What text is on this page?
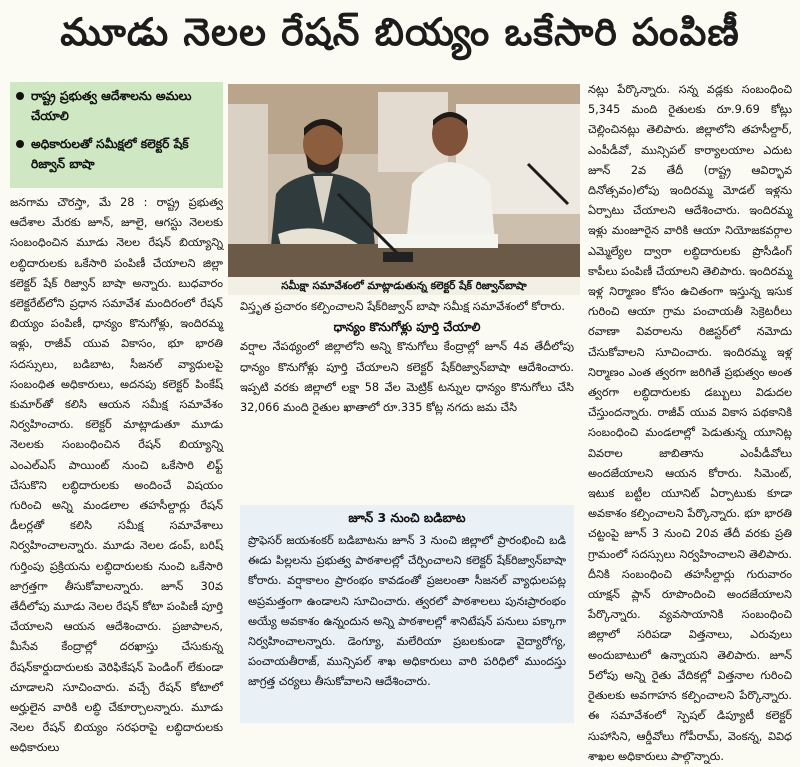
మూడు నెలల రేషన్ బియ్యం ఒకేసారి పంపిణీ
రాష్ట్ర ప్రభుత్వ ఆదేశాలను అమలు చేయాలి
అధికారులతో సమీక్షలో కలెక్టర్ షేక్ రిజ్వాన్ బాషా
సమీక్షా సమావేశంలో మాట్లాడుతున్న కలెక్టర్ షేక్ రిజ్వాన్‌బాషా

జనగామ చౌరస్తా, మే 28 : రాష్ట్ర ప్రభుత్వ ఆదేశాల మేరకు జూన్, జూలై, ఆగస్టు నెలలకు సంబంధించిన మూడు నెలల రేషన్ బియ్యాన్ని లబ్ధిదారులకు ఒకేసారి పంపిణీ చేయాలని జిల్లా కలెక్టర్ షేక్ రిజ్వాన్ బాషా అన్నారు. బుధవారం కలెక్టరేట్‌లోని ప్రధాన సమావేశ మందిరంలో రేషన్ బియ్యం పంపిణీ, ధాన్యం కొనుగోళ్లు, ఇందిరమ్మ ఇళ్లు, రాజీవ్ యువ వికాసం, భూ భారతి సదస్సులు, బడిబాట, సీజనల్ వ్యాధులపై సంబంధిత అధికారులు, అదనపు కలెక్టర్ పింకేష్ కుమార్‌తో కలిసి ఆయన సమీక్ష సమావేశం నిర్వహించారు. కలెక్టర్ మాట్లాడుతూ మూడు నెలలకు సంబంధించిన రేషన్ బియ్యాన్ని ఎంఎల్ఎస్ పాయింట్ నుంచి ఒకేసారి లిఫ్ట్ చేసుకొని లబ్ధిదారులకు అందించే విషయం గురించి అన్ని మండలాల తహసీల్దార్లు రేషన్ డీలర్లతో కలిసి సమీక్ష సమావేశాలు నిర్వహించాలన్నారు. మూడు నెలల డంప్, బరిష్ గుర్తింపు ప్రక్రియను లబ్ధిదారులకు నుంచి ఒకేసారి జాగ్రత్తగా తీసుకోవాలన్నారు. జూన్ 30వ తేదీలోపు మూడు నెలల రేషన్ కోటా పంపిణీ పూర్తి చేయాలని ఆయన ఆదేశించారు. ప్రజాపాలన, మీసేవ కేంద్రాల్లో దరఖాస్తు చేసుకున్న రేషన్‌కార్డుదారులకు వెరిఫికేషన్ పెండింగ్ లేకుండా చూడాలని సూచించారు. వచ్చే రేషన్ కోటాలో అర్హులైన వారికి లబ్ధి చేకూర్చాలన్నారు. మూడు నెలల రేషన్ బియ్యం సరఫరాపై లబ్ధిదారులకు అధికారులు

విస్తృత ప్రచారం కల్పించాలని షేక్‌రిజ్వాన్ బాషా సమీక్ష సమావేశంలో కోరారు.

ధాన్యం కొనుగోళ్లు పూర్తి చేయాలి

వర్షాల నేపథ్యంలో జిల్లాలోని అన్ని కొనుగోలు కేంద్రాల్లో జూన్ 4వ తేదీలోపు ధాన్యం కొనుగోళ్లు పూర్తి చేయాలని కలెక్టర్ షేక్‌రిజ్వాన్‌బాషా ఆదేశించారు. ఇప్పటి వరకు జిల్లాలో లక్షా 58 వేల మెట్రిక్ టన్నుల ధాన్యం కొనుగోలు చేసి 32,066 మంది రైతుల ఖాతాలో రూ.335 కోట్ల నగదు జమ చేసి

జూన్ 3 నుంచి బడిబాట
ప్రొఫెసర్ జయశంకర్ బడిబాటను జూన్ 3 నుంచి జిల్లాలో ప్రారంభించి బడి ఈడు పిల్లలను ప్రభుత్వ పాఠశాలల్లో చేర్పించాలని కలెక్టర్ షేక్‌రిజ్వాన్‌బాషా కోరారు. వర్షాకాలం ప్రారంభం కావడంతో ప్రజలంతా సీజనల్ వ్యాధులపట్ల అప్రమత్తంగా ఉండాలని సూచించారు. త్వరలో పాఠశాలలు పునఃప్రారంభం అయ్యే అవకాశం ఉన్నందున అన్ని పాఠశాలల్లో శానిటేషన్ పనులు పక్కాగా నిర్వహించాలన్నారు. డెంగ్యూ, మలేరియా ప్రబలకుండా వైద్యారోగ్య, పంచాయతీరాజ్, మున్సిపల్ శాఖ అధికారులు వారి పరిధిలో ముందస్తు జాగ్రత్త చర్యలు తీసుకోవాలని ఆదేశించారు.

నట్లు పేర్కొన్నారు. సన్న వడ్లకు సంబంధించి 5,345 మంది రైతులకు రూ.9.69 కోట్లు చెల్లించినట్లు తెలిపారు. జిల్లాలోని తహసీల్దార్, ఎంపీడీవో, మున్సిపల్ కార్యాలయాల ఎదుట జూన్ 2వ తేదీ (రాష్ట్ర ఆవిర్భావ దినోత్సవం)లోపు ఇందిరమ్మ మోడల్ ఇళ్లను ఏర్పాటు చేయాలని ఆదేశించారు. ఇందిరమ్మ ఇళ్లు మంజూరైన వారికి ఆయా నియోజకవర్గాల ఎమ్మెల్యేల ద్వారా లబ్ధిదారులకు ప్రొసీడింగ్ కాపీలు పంపిణీ చేయాలని తెలిపారు. ఇందిరమ్మ ఇళ్ల నిర్మాణం కోసం ఉచితంగా ఇస్తున్న ఇసుక గురించి ఆయా గ్రామ పంచాయతీ సెక్రెటరీలు రవాణా వివరాలను రిజిస్టర్‌లో నమోదు చేసుకోవాలని సూచించారు. ఇందిరమ్మ ఇళ్ల నిర్మాణం ఎంత త్వరగా జరిగితే ప్రభుత్వం అంత త్వరగా లబ్ధిదారులకు డబ్బులు విడుదల చేస్తుందన్నారు. రాజీవ్ యువ వికాస పథకానికి సంబంధించి మండలాల్లో పెడుతున్న యూనిట్ల వివరాల జాబితాను ఎంపీడీవోలు అందజేయాలని ఆయన కోరారు. సిమెంట్, ఇటుక బట్టీల యూనిట్ ఏర్పాటుకు కూడా అవకాశం కల్పించాలని పేర్కొన్నారు. భూ భారతి చట్టంపై జూన్ 3 నుంచి 20వ తేదీ వరకు ప్రతి గ్రామంలో సదస్సులు నిర్వహించాలని తెలిపారు. దీనికి సంబంధించి తహసీల్దార్లు గురువారం యాక్షన్ ప్లాన్ రూపొందించి అందజేయాలని పేర్కొన్నారు. వ్యవసాయానికి సంబంధించి జిల్లాలో సరిపడా విత్తనాలు, ఎరువులు అందుబాటులో ఉన్నాయని తెలిపారు. జూన్ 5లోపు అన్ని రైతు వేదికల్లో విత్తనాల గురించి రైతులకు అవగాహన కల్పించాలని పేర్కొన్నారు. ఈ సమావేశంలో స్పెషల్ డిప్యూటీ కలెక్టర్ సుహాసిని, ఆర్డీవోలు గోపీరామ్, వెంకన్న, వివిధ శాఖల అధికారులు పాల్గొన్నారు.
